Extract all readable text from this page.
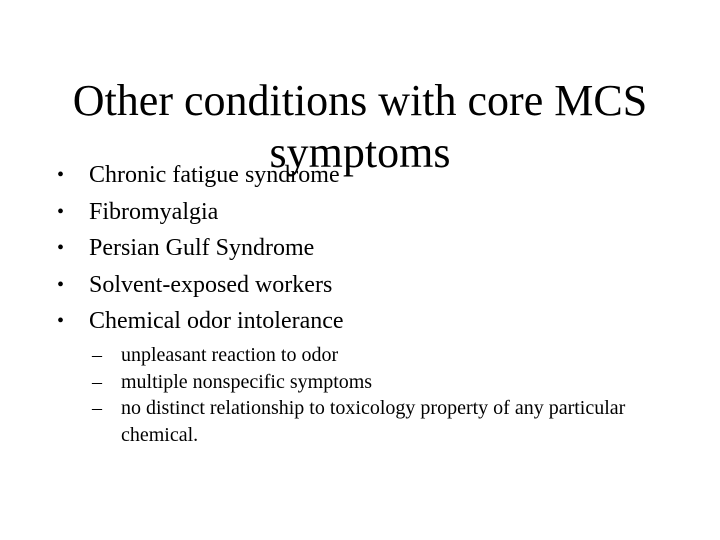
Other conditions with core MCS
symptoms
• Chronic fatigue syndrome
• Fibromyalgia
• Persian Gulf Syndrome
• Solvent-exposed workers
• Chemical odor intolerance
– unpleasant reaction to odor
– multiple nonspecific symptoms
– no distinct relationship to toxicology property of any particular chemical.
